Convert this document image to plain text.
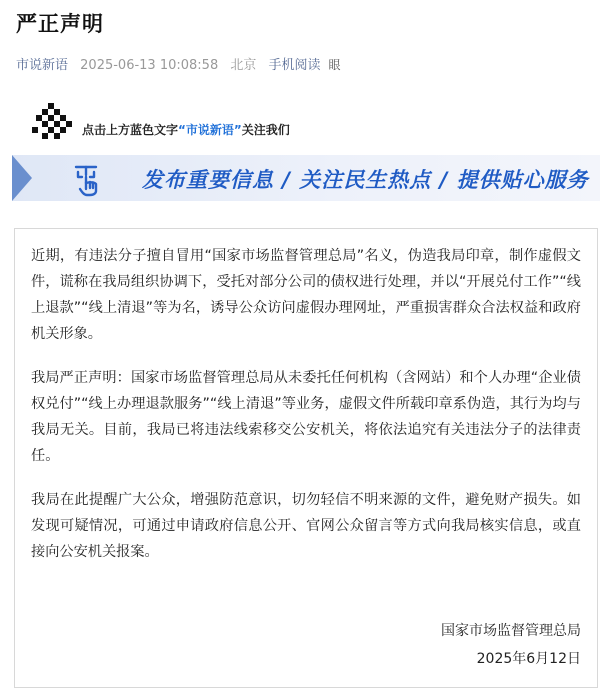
严正声明
市说新语 2025-06-13 10:08:58 北京 手机阅读 眼
点击上方蓝色文字“市说新语”关注我们
发布重要信息 / 关注民生热点 / 提供贴心服务

近期，有违法分子擅自冒用“国家市场监督管理总局”名义，伪造我局印章，制作虚假文件，谎称在我局组织协调下，受托对部分公司的债权进行处理，并以“开展兑付工作”“线上退款”“线上清退”等为名，诱导公众访问虚假办理网址，严重损害群众合法权益和政府机关形象。

我局严正声明：国家市场监督管理总局从未委托任何机构（含网站）和个人办理“企业债权兑付”“线上办理退款服务”“线上清退”等业务，虚假文件所载印章系伪造，其行为均与我局无关。目前，我局已将违法线索移交公安机关，将依法追究有关违法分子的法律责任。

我局在此提醒广大公众，增强防范意识，切勿轻信不明来源的文件，避免财产损失。如发现可疑情况，可通过申请政府信息公开、官网公众留言等方式向我局核实信息，或直接向公安机关报案。

国家市场监督管理总局
2025年6月12日
